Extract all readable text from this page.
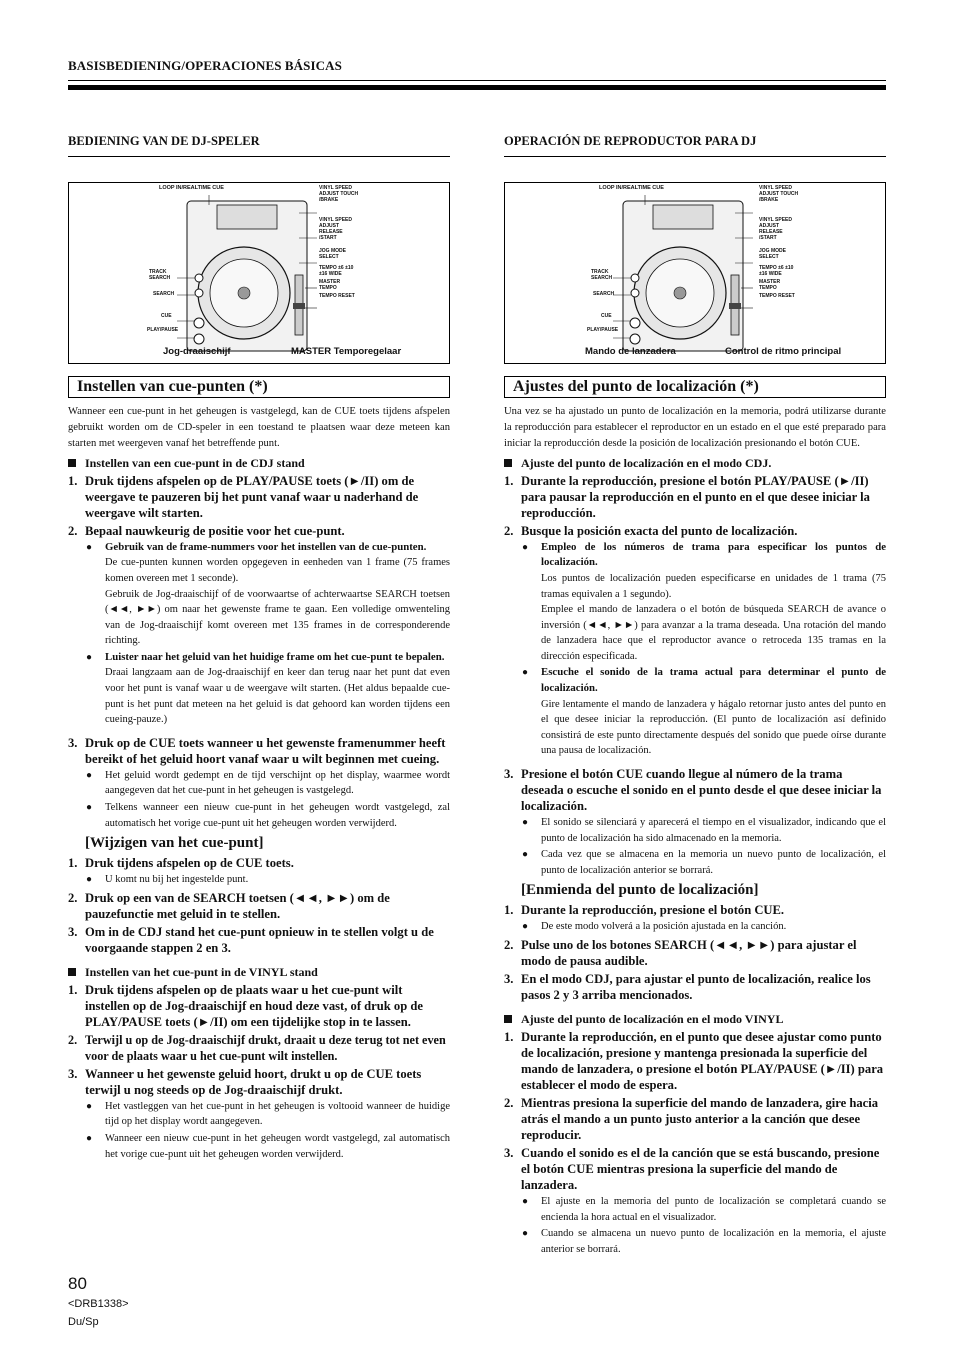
BASISBEDIENING/OPERACIONES BÁSICAS
BEDIENING VAN DE DJ-SPELER
LOOP IN/REALTIME CUE	VINYL SPEED ADJUST TOUCH /BRAKE
VINYL SPEED ADJUST RELEASE /START
JOG MODE SELECT
TEMPO ±6 ±10 ±16 WIDE
MASTER TEMPO
TEMPO RESET
TRACK SEARCH
SEARCH
CUE
PLAY/PAUSE
Jog-draaischijf	MASTER Temporegelaar
Instellen van cue-punten (*)
Wanneer een cue-punt in het geheugen is vastgelegd, kan de CUE toets tijdens afspelen gebruikt worden om de CD-speler in een toestand te plaatsen waar deze meteen kan starten met weergeven vanaf het betreffende punt.
Instellen van een cue-punt in de CDJ stand
1. Druk tijdens afspelen op de PLAY/PAUSE toets (►/II) om de weergave te pauzeren bij het punt vanaf waar u naderhand de weergave wilt starten.
2. Bepaal nauwkeurig de positie voor het cue-punt.
● Gebruik van de frame-nummers voor het instellen van de cue-punten.
De cue-punten kunnen worden opgegeven in eenheden van 1 frame (75 frames komen overeen met 1 seconde).
Gebruik de Jog-draaischijf of de voorwaartse of achterwaartse SEARCH toetsen (◄◄, ►►) om naar het gewenste frame te gaan. Een volledige omwenteling van de Jog-draaischijf komt overeen met 135 frames in de corresponderende richting.
● Luister naar het geluid van het huidige frame om het cue-punt te bepalen.
Draai langzaam aan de Jog-draaischijf en keer dan terug naar het punt dat even voor het punt is vanaf waar u de weergave wilt starten. (Het aldus bepaalde cue-punt is het punt dat meteen na het geluid is dat gehoord kan worden tijdens een cueing-pauze.)
3. Druk op de CUE toets wanneer u het gewenste framenummer heeft bereikt of het geluid hoort vanaf waar u wilt beginnen met cueing.
● Het geluid wordt gedempt en de tijd verschijnt op het display, waarmee wordt aangegeven dat het cue-punt in het geheugen is vastgelegd.
● Telkens wanneer een nieuw cue-punt in het geheugen wordt vastgelegd, zal automatisch het vorige cue-punt uit het geheugen worden verwijderd.
[Wijzigen van het cue-punt]
1. Druk tijdens afspelen op de CUE toets.
● U komt nu bij het ingestelde punt.
2. Druk op een van de SEARCH toetsen (◄◄, ►►) om de pauzefunctie met geluid in te stellen.
3. Om in de CDJ stand het cue-punt opnieuw in te stellen volgt u de voorgaande stappen 2 en 3.
Instellen van het cue-punt in de VINYL stand
1. Druk tijdens afspelen op de plaats waar u het cue-punt wilt instellen op de Jog-draaischijf en houd deze vast, of druk op de PLAY/PAUSE toets (►/II) om een tijdelijke stop in te lassen.
2. Terwijl u op de Jog-draaischijf drukt, draait u deze terug tot net even voor de plaats waar u het cue-punt wilt instellen.
3. Wanneer u het gewenste geluid hoort, drukt u op de CUE toets terwijl u nog steeds op de Jog-draaischijf drukt.
● Het vastleggen van het cue-punt in het geheugen is voltooid wanneer de huidige tijd op het display wordt aangegeven.
● Wanneer een nieuw cue-punt in het geheugen wordt vastgelegd, zal automatisch het vorige cue-punt uit het geheugen worden verwijderd.
OPERACIÓN DE REPRODUCTOR PARA DJ
LOOP IN/REALTIME CUE	VINYL SPEED ADJUST TOUCH /BRAKE
VINYL SPEED ADJUST RELEASE /START
JOG MODE SELECT
TEMPO ±6 ±10 ±16 WIDE
MASTER TEMPO
TEMPO RESET
TRACK SEARCH
SEARCH
CUE
PLAY/PAUSE
Mando de lanzadera	Control de ritmo principal
Ajustes del punto de localización (*)
Una vez se ha ajustado un punto de localización en la memoria, podrá utilizarse durante la reproducción para establecer el reproductor en un estado en el que esté preparado para iniciar la reproducción desde la posición de localización presionando el botón CUE.
Ajuste del punto de localización en el modo CDJ.
1. Durante la reproducción, presione el botón PLAY/PAUSE (►/II) para pausar la reproducción en el punto en el que desee iniciar la reproducción.
2. Busque la posición exacta del punto de localización.
● Empleo de los números de trama para especificar los puntos de localización.
Los puntos de localización pueden especificarse en unidades de 1 trama (75 tramas equivalen a 1 segundo).
Emplee el mando de lanzadera o el botón de búsqueda SEARCH de avance o inversión (◄◄, ►►) para avanzar a la trama deseada. Una rotación del mando de lanzadera hace que el reproductor avance o retroceda 135 tramas en la dirección especificada.
● Escuche el sonido de la trama actual para determinar el punto de localización.
Gire lentamente el mando de lanzadera y hágalo retornar justo antes del punto en el que desee iniciar la reproducción. (El punto de localización así definido consistirá de este punto directamente después del sonido que puede oírse durante una pausa de localización.
3. Presione el botón CUE cuando llegue al número de la trama deseada o escuche el sonido en el punto desde el que desee iniciar la localización.
● El sonido se silenciará y aparecerá el tiempo en el visualizador, indicando que el punto de localización ha sido almacenado en la memoria.
● Cada vez que se almacena en la memoria un nuevo punto de localización, el punto de localización anterior se borrará.
[Enmienda del punto de localización]
1. Durante la reproducción, presione el botón CUE.
● De este modo volverá a la posición ajustada en la canción.
2. Pulse uno de los botones SEARCH (◄◄, ►►) para ajustar el modo de pausa audible.
3. En el modo CDJ, para ajustar el punto de localización, realice los pasos 2 y 3 arriba mencionados.
Ajuste del punto de localización en el modo VINYL
1. Durante la reproducción, en el punto que desee ajustar como punto de localización, presione y mantenga presionada la superficie del mando de lanzadera, o presione el botón PLAY/PAUSE (►/II) para establecer el modo de espera.
2. Mientras presiona la superficie del mando de lanzadera, gire hacia atrás el mando a un punto justo anterior a la canción que desee reproducir.
3. Cuando el sonido es el de la canción que se está buscando, presione el botón CUE mientras presiona la superficie del mando de lanzadera.
● El ajuste en la memoria del punto de localización se completará cuando se encienda la hora actual en el visualizador.
● Cuando se almacena un nuevo punto de localización en la memoria, el ajuste anterior se borrará.
80
<DRB1338>
Du/Sp
